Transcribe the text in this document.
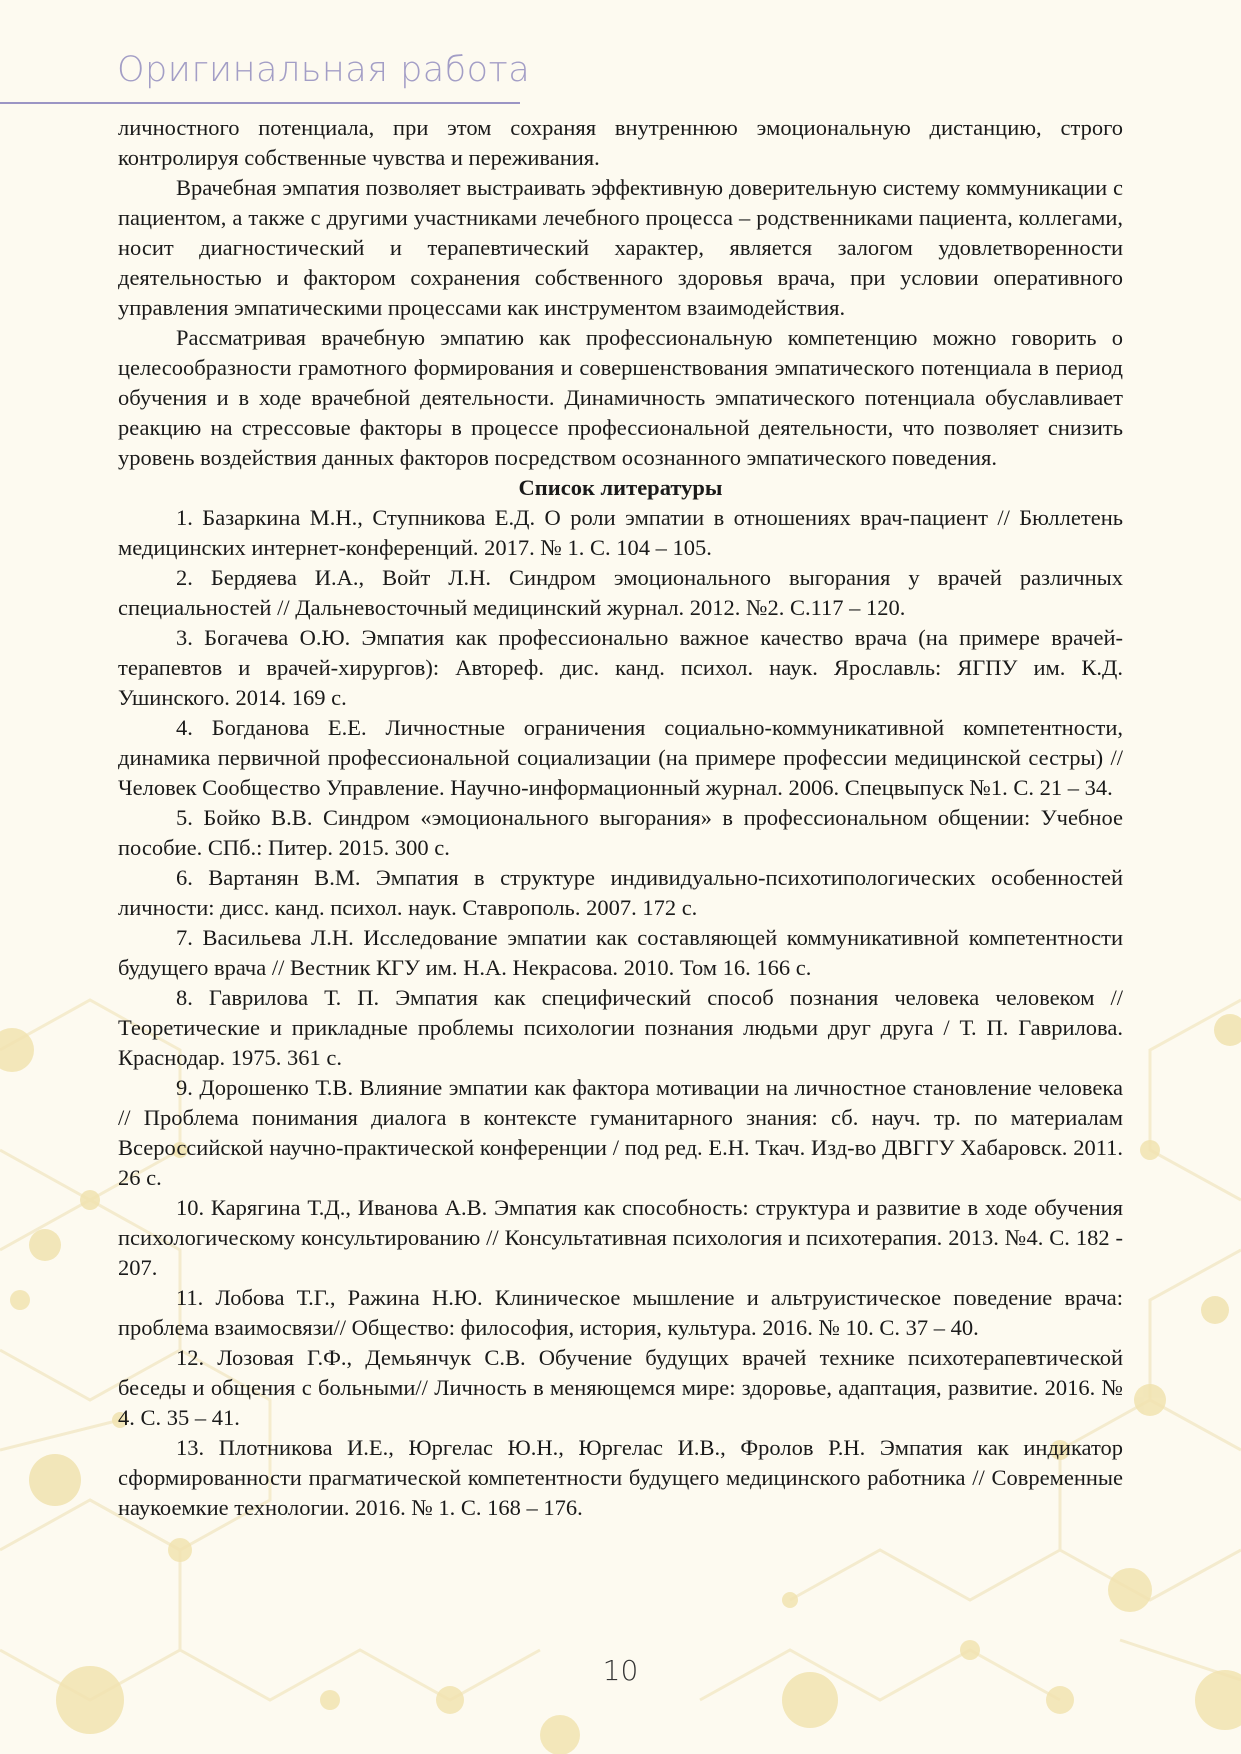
Оригинальная работа

личностного потенциала, при этом сохраняя внутреннюю эмоциональную дистанцию, строго контролируя собственные чувства и переживания.

Врачебная эмпатия позволяет выстраивать эффективную доверительную систему коммуникации с пациентом, а также с другими участниками лечебного процесса – родственниками пациента, коллегами, носит диагностический и терапевтический характер, является залогом удовлетворенности деятельностью и фактором сохранения собственного здоровья врача, при условии оперативного управления эмпатическими процессами как инструментом взаимодействия.

Рассматривая врачебную эмпатию как профессиональную компетенцию можно говорить о целесообразности грамотного формирования и совершенствования эмпатического потенциала в период обучения и в ходе врачебной деятельности. Динамичность эмпатического потенциала обуславливает реакцию на стрессовые факторы в процессе профессиональной деятельности, что позволяет снизить уровень воздействия данных факторов посредством осознанного эмпатического поведения.

Список литературы

1. Базаркина М.Н., Ступникова Е.Д. О роли эмпатии в отношениях врач-пациент // Бюллетень медицинских интернет-конференций. 2017. № 1. С. 104 – 105.

2. Бердяева И.А., Войт Л.Н. Синдром эмоционального выгорания у врачей различных специальностей // Дальневосточный медицинский журнал. 2012. №2. С.117 – 120.

3. Богачева О.Ю. Эмпатия как профессионально важное качество врача (на примере врачей-терапевтов и врачей-хирургов): Автореф. дис. канд. психол. наук. Ярославль: ЯГПУ им. К.Д. Ушинского. 2014. 169 с.

4. Богданова Е.Е. Личностные ограничения социально-коммуникативной компетентности, динамика первичной профессиональной социализации (на примере профессии медицинской сестры) // Человек Сообщество Управление. Научно-информационный журнал. 2006. Спецвыпуск №1. С. 21 – 34.

5. Бойко В.В. Синдром «эмоционального выгорания» в профессиональном общении: Учебное пособие. СПб.: Питер. 2015. 300 с.

6. Вартанян В.М. Эмпатия в структуре индивидуально-психотипологических особенностей личности: дисс. канд. психол. наук. Ставрополь. 2007. 172 с.

7. Васильева Л.Н. Исследование эмпатии как составляющей коммуникативной компетентности будущего врача // Вестник КГУ им. Н.А. Некрасова. 2010. Том 16. 166 с.

8. Гаврилова Т. П. Эмпатия как специфический способ познания человека человеком // Теоретические и прикладные проблемы психологии познания людьми друг друга / Т. П. Гаврилова. Краснодар. 1975. 361 с.

9. Дорошенко Т.В. Влияние эмпатии как фактора мотивации на личностное становление человека // Проблема понимания диалога в контексте гуманитарного знания: сб. науч. тр. по материалам Всероссийской научно-практической конференции / под ред. Е.Н. Ткач. Изд-во ДВГГУ Хабаровск. 2011. 26 с.

10. Карягина Т.Д., Иванова А.В. Эмпатия как способность: структура и развитие в ходе обучения психологическому консультированию // Консультативная психология и психотерапия. 2013. №4. С. 182 - 207.

11. Лобова Т.Г., Ражина Н.Ю. Клиническое мышление и альтруистическое поведение врача: проблема взаимосвязи// Общество: философия, история, культура. 2016. № 10. С. 37 – 40.

12. Лозовая Г.Ф., Демьянчук С.В. Обучение будущих врачей технике психотерапевтической беседы и общения с больными// Личность в меняющемся мире: здоровье, адаптация, развитие. 2016. № 4. С. 35 – 41.

13. Плотникова И.Е., Юргелас Ю.Н., Юргелас И.В., Фролов Р.Н. Эмпатия как индикатор сформированности прагматической компетентности будущего медицинского работника // Современные наукоемкие технологии. 2016. № 1. С. 168 – 176.

10
